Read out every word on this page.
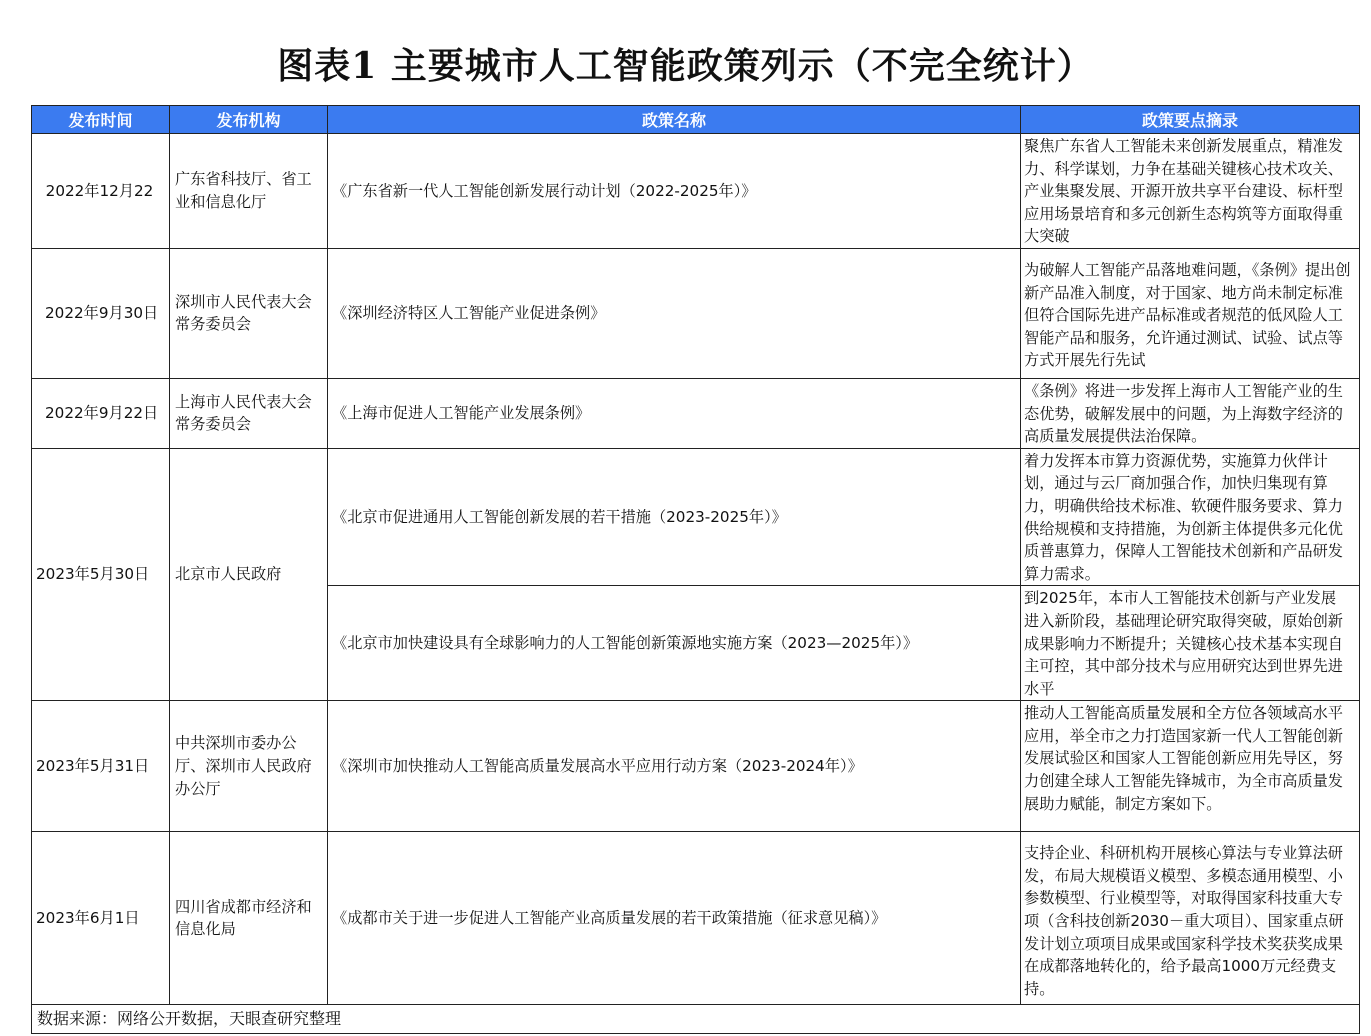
图表1 主要城市人工智能政策列示（不完全统计）
发布时间	发布机构	政策名称	政策要点摘录
2022年12月22	广东省科技厅、省工业和信息化厅	《广东省新一代人工智能创新发展行动计划（2022-2025年）》	聚焦广东省人工智能未来创新发展重点，精准发力、科学谋划，力争在基础关键核心技术攻关、产业集聚发展、开源开放共享平台建设、标杆型应用场景培育和多元创新生态构筑等方面取得重大突破
2022年9月30日	深圳市人民代表大会常务委员会	《深圳经济特区人工智能产业促进条例》	为破解人工智能产品落地难问题，《条例》提出创新产品准入制度，对于国家、地方尚未制定标准但符合国际先进产品标准或者规范的低风险人工智能产品和服务，允许通过测试、试验、试点等方式开展先行先试
2022年9月22日	上海市人民代表大会常务委员会	《上海市促进人工智能产业发展条例》	《条例》将进一步发挥上海市人工智能产业的生态优势，破解发展中的问题，为上海数字经济的高质量发展提供法治保障。
2023年5月30日	北京市人民政府	《北京市促进通用人工智能创新发展的若干措施（2023-2025年）》	着力发挥本市算力资源优势，实施算力伙伴计划，通过与云厂商加强合作，加快归集现有算力，明确供给技术标准、软硬件服务要求、算力供给规模和支持措施，为创新主体提供多元化优质普惠算力，保障人工智能技术创新和产品研发算力需求。
		《北京市加快建设具有全球影响力的人工智能创新策源地实施方案（2023—2025年）》	到2025年，本市人工智能技术创新与产业发展进入新阶段，基础理论研究取得突破，原始创新成果影响力不断提升；关键核心技术基本实现自主可控，其中部分技术与应用研究达到世界先进水平
2023年5月31日	中共深圳市委办公厅、深圳市人民政府办公厅	《深圳市加快推动人工智能高质量发展高水平应用行动方案（2023-2024年）》	推动人工智能高质量发展和全方位各领域高水平应用，举全市之力打造国家新一代人工智能创新发展试验区和国家人工智能创新应用先导区，努力创建全球人工智能先锋城市，为全市高质量发展助力赋能，制定方案如下。
2023年6月1日	四川省成都市经济和信息化局	《成都市关于进一步促进人工智能产业高质量发展的若干政策措施（征求意见稿）》	支持企业、科研机构开展核心算法与专业算法研发，布局大规模语义模型、多模态通用模型、小参数模型、行业模型等，对取得国家科技重大专项（含科技创新2030－重大项目）、国家重点研发计划立项项目成果或国家科学技术奖获奖成果在成都落地转化的，给予最高1000万元经费支持。
数据来源：网络公开数据，天眼查研究整理			
